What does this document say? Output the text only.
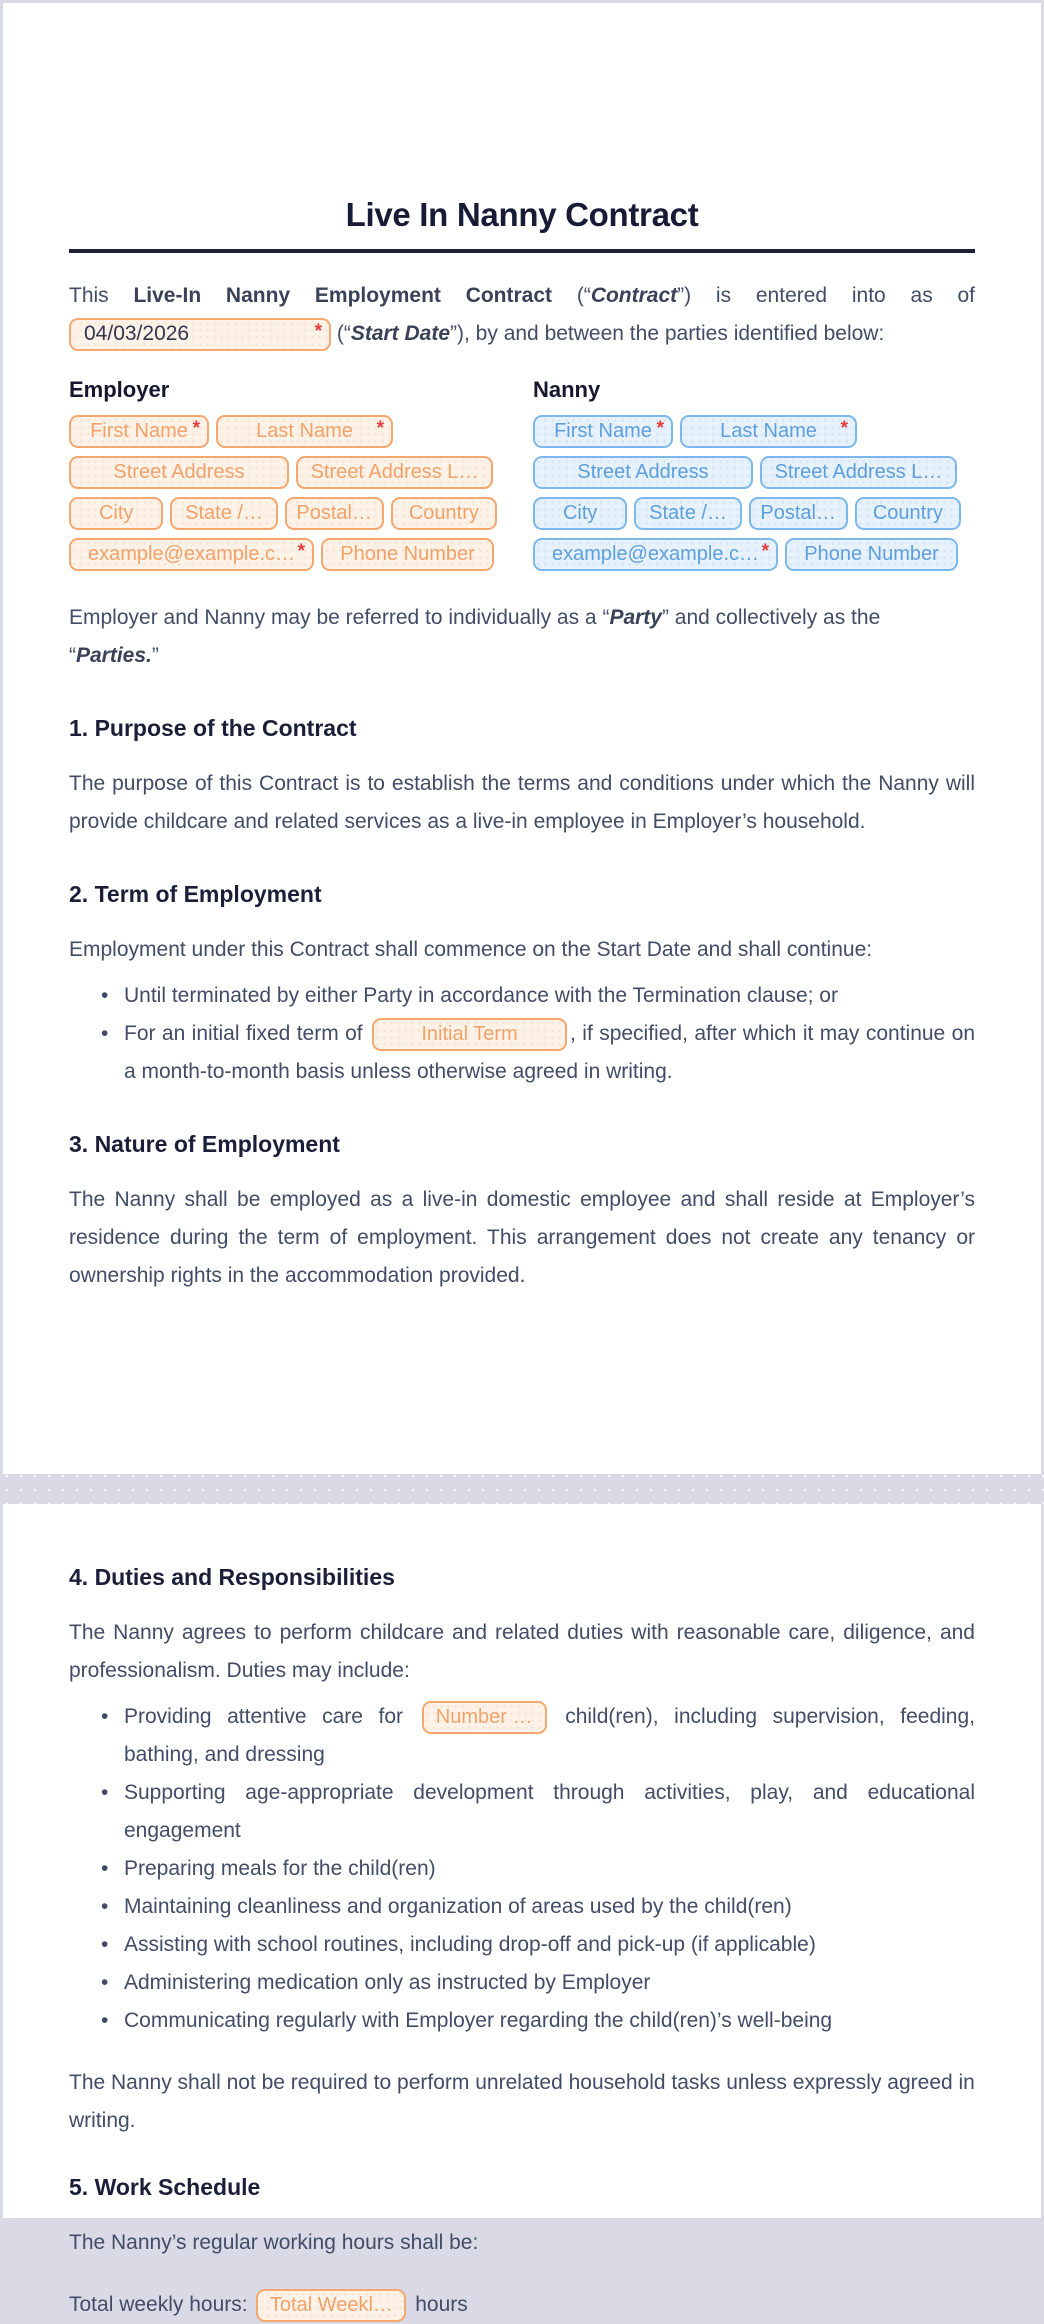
Live In Nanny Contract

This Live-In Nanny Employment Contract (“Contract”) is entered into as of
04/03/2026	* (“Start Date”), by and between the parties identified below:

Employer
First Name *	Last Name	*
Street Address	Street Address L…
City	State /…	Postal…	Country
example@example.c… *	Phone Number
Nanny
First Name *	Last Name	*
Street Address	Street Address L…
City	State /…	Postal…	Country
example@example.c… *	Phone Number

Employer and Nanny may be referred to individually as a “Party” and collectively as the “Parties.”

1. Purpose of the Contract

The purpose of this Contract is to establish the terms and conditions under which the Nanny will provide childcare and related services as a live-in employee in Employer’s household.

2. Term of Employment

Employment under this Contract shall commence on the Start Date and shall continue:

• Until terminated by either Party in accordance with the Termination clause; or
• For an initial fixed term of	Initial Term	, if specified, after which it may continue on a month-to-month basis unless otherwise agreed in writing.
3. Nature of Employment

The Nanny shall be employed as a live-in domestic employee and shall reside at Employer’s residence during the term of employment. This arrangement does not create any tenancy or ownership rights in the accommodation provided.

4. Duties and Responsibilities

The Nanny agrees to perform childcare and related duties with reasonable care, diligence, and professionalism. Duties may include:

• Providing attentive care for Number … child(ren), including supervision, feeding, bathing, and dressing
• Supporting age-appropriate development through activities, play, and educational engagement
• Preparing meals for the child(ren)
• Maintaining cleanliness and organization of areas used by the child(ren)
• Assisting with school routines, including drop-off and pick-up (if applicable)
• Administering medication only as instructed by Employer
• Communicating regularly with Employer regarding the child(ren)’s well-being

The Nanny shall not be required to perform unrelated household tasks unless expressly agreed in writing.

5. Work Schedule

The Nanny’s regular working hours shall be:

Total weekly hours: Total Weekl… hours
